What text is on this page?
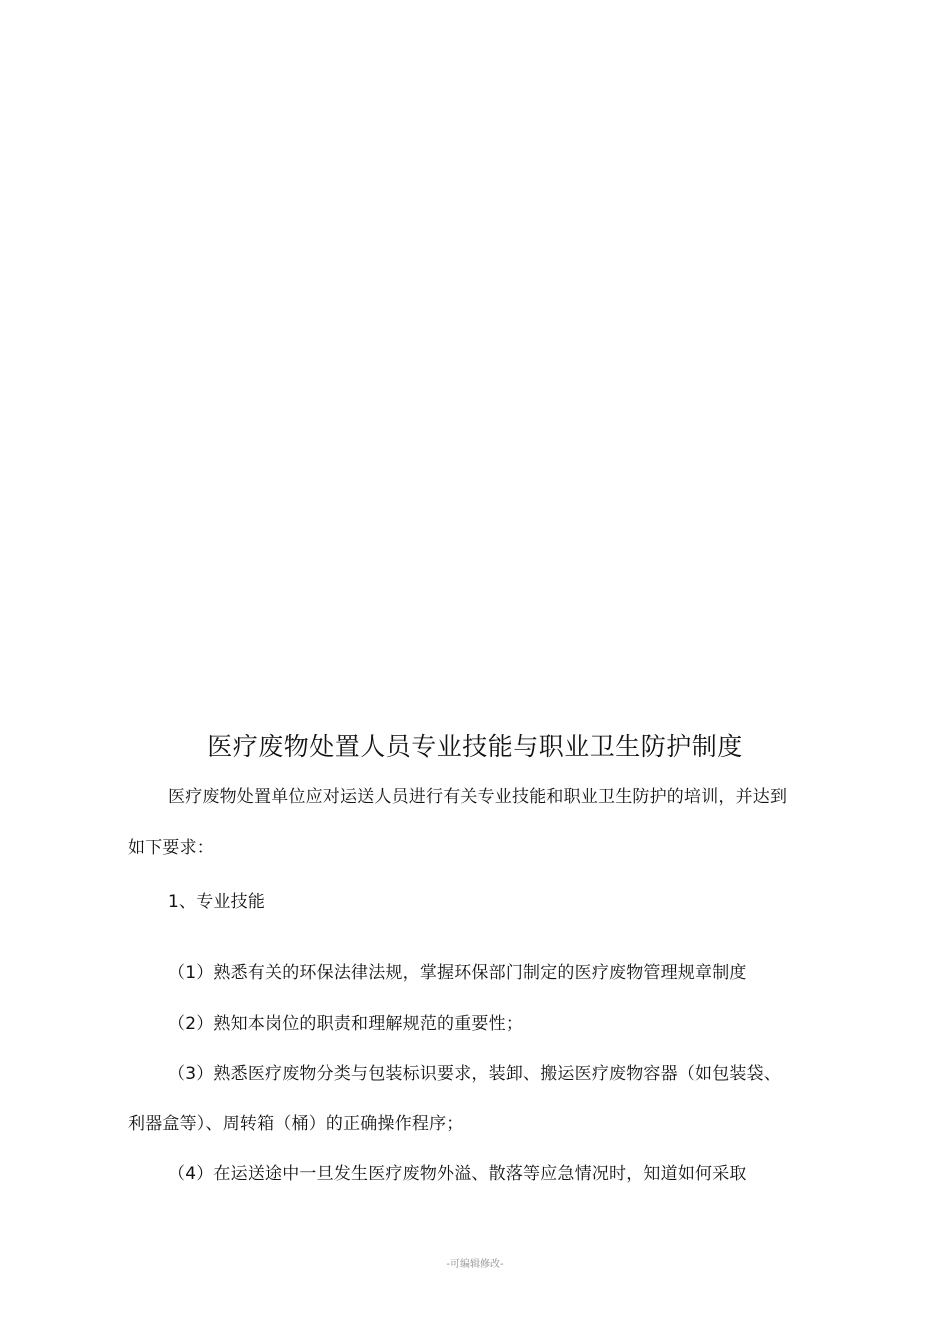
医疗废物处置人员专业技能与职业卫生防护制度
医疗废物处置单位应对运送人员进行有关专业技能和职业卫生防护的培训，并达到
如下要求：
1、专业技能
（1）熟悉有关的环保法律法规，掌握环保部门制定的医疗废物管理规章制度
（2）熟知本岗位的职责和理解规范的重要性；
（3）熟悉医疗废物分类与包装标识要求，装卸、搬运医疗废物容器（如包装袋、
利器盒等）、周转箱（桶）的正确操作程序；
（4）在运送途中一旦发生医疗废物外溢、散落等应急情况时，知道如何采取
-可编辑修改-
